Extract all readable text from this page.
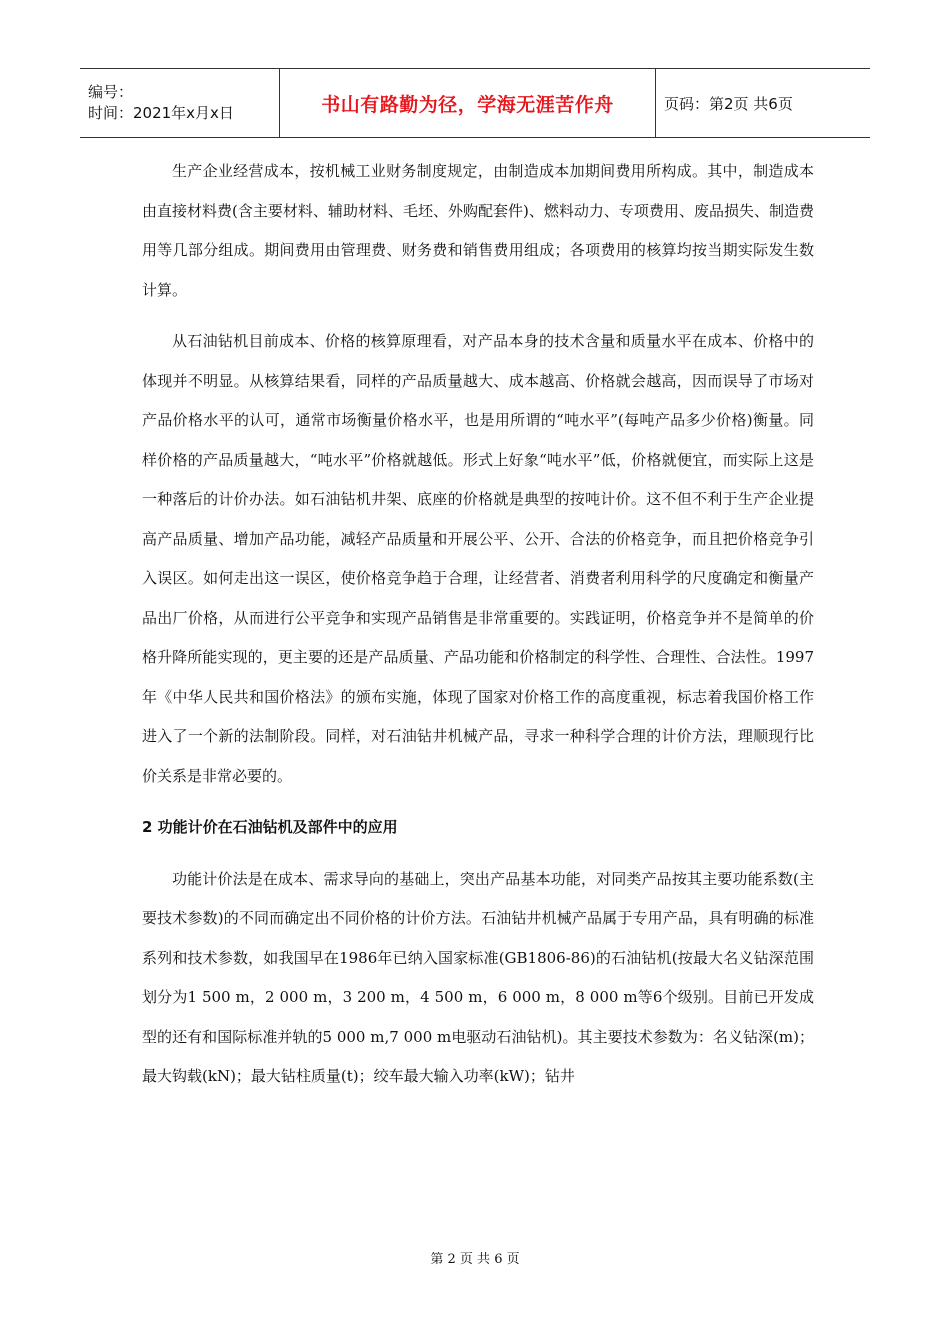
编号：
时间：2021年x月x日	书山有路勤为径，学海无涯苦作舟	页码：第2页 共6页

生产企业经营成本，按机械工业财务制度规定，由制造成本加期间费用所构成。其中，制造成本由直接材料费(含主要材料、辅助材料、毛坯、外购配套件)、燃料动力、专项费用、废品损失、制造费用等几部分组成。期间费用由管理费、财务费和销售费用组成；各项费用的核算均按当期实际发生数计算。

从石油钻机目前成本、价格的核算原理看，对产品本身的技术含量和质量水平在成本、价格中的体现并不明显。从核算结果看，同样的产品质量越大、成本越高、价格就会越高，因而误导了市场对产品价格水平的认可，通常市场衡量价格水平，也是用所谓的“吨水平”(每吨产品多少价格)衡量。同样价格的产品质量越大，“吨水平”价格就越低。形式上好象“吨水平”低，价格就便宜，而实际上这是一种落后的计价办法。如石油钻机井架、底座的价格就是典型的按吨计价。这不但不利于生产企业提高产品质量、增加产品功能，减轻产品质量和开展公平、公开、合法的价格竞争，而且把价格竞争引入误区。如何走出这一误区，使价格竞争趋于合理，让经营者、消费者利用科学的尺度确定和衡量产品出厂价格，从而进行公平竞争和实现产品销售是非常重要的。实践证明，价格竞争并不是简单的价格升降所能实现的，更主要的还是产品质量、产品功能和价格制定的科学性、合理性、合法性。1997年《中华人民共和国价格法》的颁布实施，体现了国家对价格工作的高度重视，标志着我国价格工作进入了一个新的法制阶段。同样，对石油钻井机械产品，寻求一种科学合理的计价方法，理顺现行比价关系是非常必要的。

2 功能计价在石油钻机及部件中的应用

功能计价法是在成本、需求导向的基础上，突出产品基本功能，对同类产品按其主要功能系数(主要技术参数)的不同而确定出不同价格的计价方法。石油钻井机械产品属于专用产品，具有明确的标准系列和技术参数，如我国早在1986年已纳入国家标准(GB1806-86)的石油钻机(按最大名义钻深范围划分为1 500 m，2 000 m，3 200 m，4 500 m，6 000 m，8 000 m等6个级别。目前已开发成型的还有和国际标准并轨的5 000 m,7 000 m电驱动石油钻机)。其主要技术参数为：名义钻深(m)；最大钩载(kN)；最大钻柱质量(t)；绞车最大输入功率(kW)；钻井

第 2 页 共 6 页
